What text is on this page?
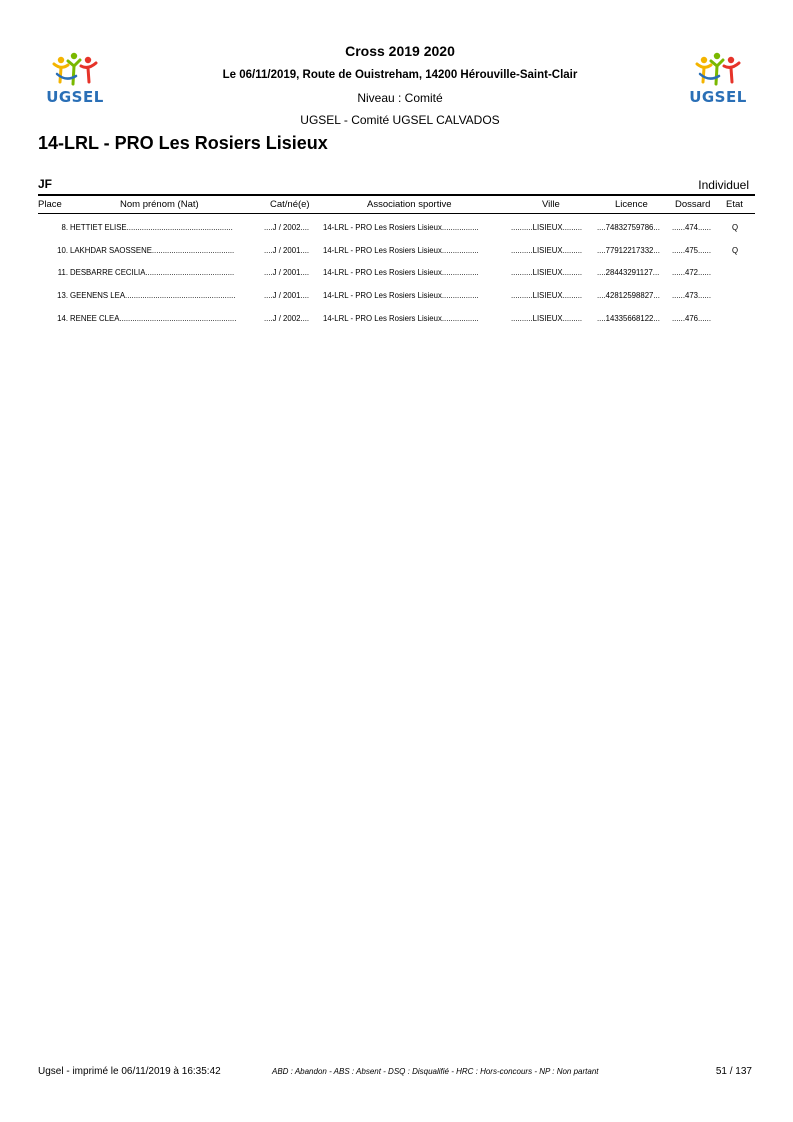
UGSEL	UGSEL
Cross 2019 2020
Le 06/11/2019, Route de Ouistreham, 14200 Hérouville-Saint-Clair
Niveau : Comité
UGSEL - Comité UGSEL CALVADOS
14-LRL - PRO Les Rosiers Lisieux
JF	Individuel
Place	Nom prénom (Nat)	Cat/né(e)	Association sportive	Ville	Licence	Dossard Etat
8. HETTIET ELISE.................................................	....J / 2002....	14-LRL - PRO Les Rosiers Lisieux.................	..........LISIEUX.........	....74832759786...	......474......	Q
10. LAKHDAR SAOSSENE......................................	....J / 2001....	14-LRL - PRO Les Rosiers Lisieux.................	..........LISIEUX.........	....77912217332...	......475......	Q
11. DESBARRE CECILIA.........................................	....J / 2001....	14-LRL - PRO Les Rosiers Lisieux.................	..........LISIEUX.........	....28443291127...	......472......
13. GEENENS LEA...................................................	....J / 2001....	14-LRL - PRO Les Rosiers Lisieux.................	..........LISIEUX.........	....42812598827...	......473......
14. RENEE CLEA......................................................	....J / 2002....	14-LRL - PRO Les Rosiers Lisieux.................	..........LISIEUX.........	....14335668122...	......476......
Ugsel - imprimé le 06/11/2019 à 16:35:42	ABD : Abandon - ABS : Absent - DSQ : Disqualifié - HRC : Hors-concours - NP : Non partant	51 / 137
